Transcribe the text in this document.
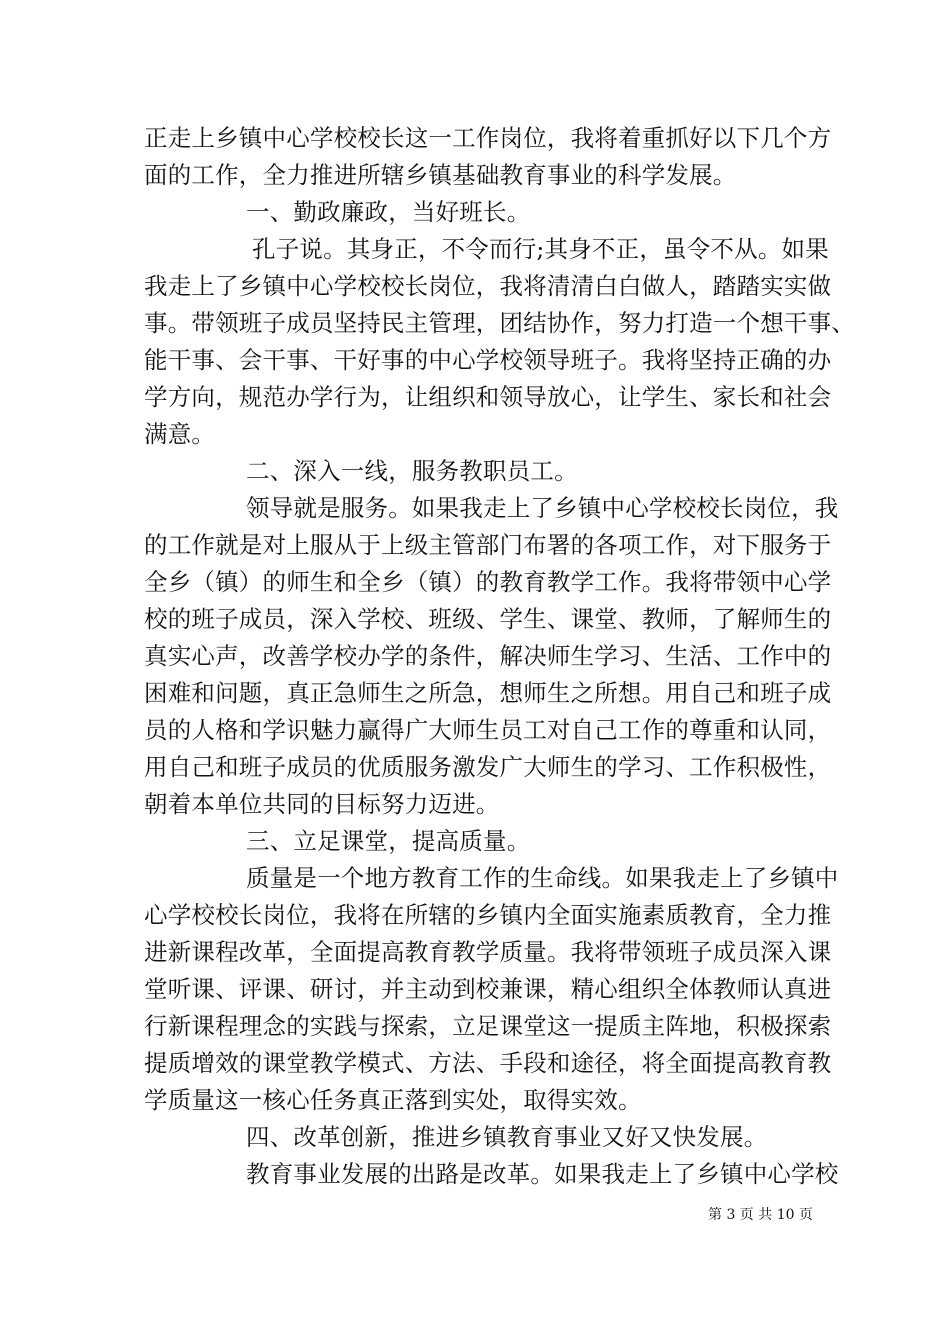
正走上乡镇中心学校校长这一工作岗位，我将着重抓好以下几个方
面的工作，全力推进所辖乡镇基础教育事业的科学发展。
一、勤政廉政，当好班长。
孔子说。其身正，不令而行;其身不正，虽令不从。如果
我走上了乡镇中心学校校长岗位，我将清清白白做人，踏踏实实做
事。带领班子成员坚持民主管理，团结协作，努力打造一个想干事、
能干事、会干事、干好事的中心学校领导班子。我将坚持正确的办
学方向，规范办学行为，让组织和领导放心，让学生、家长和社会
满意。
二、深入一线，服务教职员工。
领导就是服务。如果我走上了乡镇中心学校校长岗位，我
的工作就是对上服从于上级主管部门布署的各项工作，对下服务于
全乡（镇）的师生和全乡（镇）的教育教学工作。我将带领中心学
校的班子成员，深入学校、班级、学生、课堂、教师，了解师生的
真实心声，改善学校办学的条件，解决师生学习、生活、工作中的
困难和问题，真正急师生之所急，想师生之所想。用自己和班子成
员的人格和学识魅力赢得广大师生员工对自己工作的尊重和认同，
用自己和班子成员的优质服务激发广大师生的学习、工作积极性，
朝着本单位共同的目标努力迈进。
三、立足课堂，提高质量。
质量是一个地方教育工作的生命线。如果我走上了乡镇中
心学校校长岗位，我将在所辖的乡镇内全面实施素质教育，全力推
进新课程改革，全面提高教育教学质量。我将带领班子成员深入课
堂听课、评课、研讨，并主动到校兼课，精心组织全体教师认真进
行新课程理念的实践与探索，立足课堂这一提质主阵地，积极探索
提质增效的课堂教学模式、方法、手段和途径，将全面提高教育教
学质量这一核心任务真正落到实处，取得实效。
四、改革创新，推进乡镇教育事业又好又快发展。
教育事业发展的出路是改革。如果我走上了乡镇中心学校
第 3 页 共 10 页
